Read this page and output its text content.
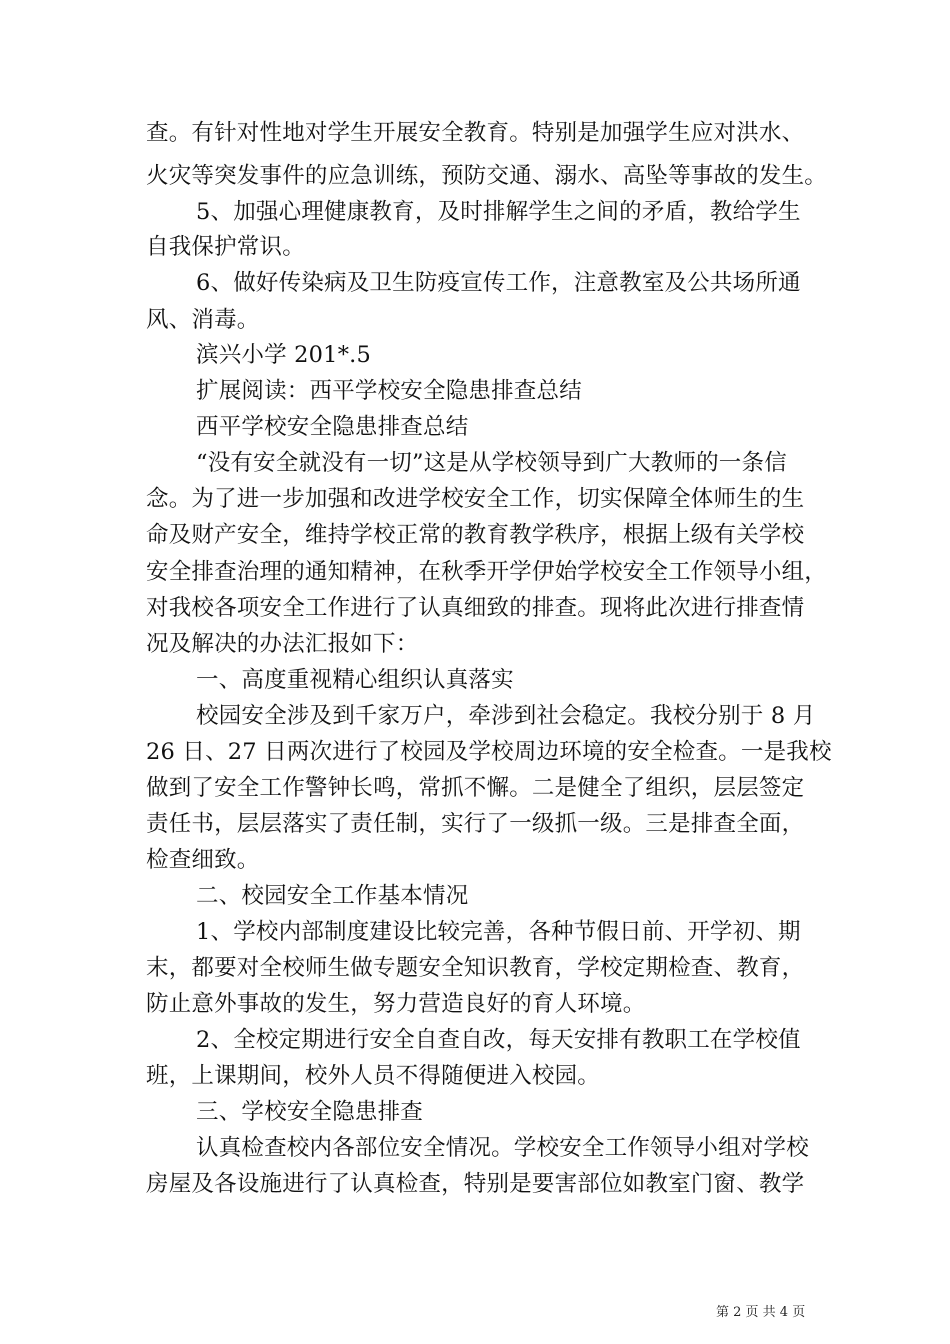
查。有针对性地对学生开展安全教育。特别是加强学生应对洪水、
火灾等突发事件的应急训练，预防交通、溺水、高坠等事故的发生。
5、加强心理健康教育，及时排解学生之间的矛盾，教给学生
自我保护常识。
6、做好传染病及卫生防疫宣传工作，注意教室及公共场所通
风、消毒。
滨兴小学 201*.5
扩展阅读：西平学校安全隐患排查总结
西平学校安全隐患排查总结
“没有安全就没有一切”这是从学校领导到广大教师的一条信
念。为了进一步加强和改进学校安全工作，切实保障全体师生的生
命及财产安全，维持学校正常的教育教学秩序，根据上级有关学校
安全排查治理的通知精神，在秋季开学伊始学校安全工作领导小组，
对我校各项安全工作进行了认真细致的排查。现将此次进行排查情
况及解决的办法汇报如下：
一、高度重视精心组织认真落实
校园安全涉及到千家万户，牵涉到社会稳定。我校分别于 8 月
26 日、27 日两次进行了校园及学校周边环境的安全检查。一是我校
做到了安全工作警钟长鸣，常抓不懈。二是健全了组织，层层签定
责任书，层层落实了责任制，实行了一级抓一级。三是排查全面，
检查细致。
二、校园安全工作基本情况
1、学校内部制度建设比较完善，各种节假日前、开学初、期
末，都要对全校师生做专题安全知识教育，学校定期检查、教育，
防止意外事故的发生，努力营造良好的育人环境。
2、全校定期进行安全自查自改，每天安排有教职工在学校值
班，上课期间，校外人员不得随便进入校园。
三、学校安全隐患排查
认真检查校内各部位安全情况。学校安全工作领导小组对学校
房屋及各设施进行了认真检查，特别是要害部位如教室门窗、教学
第 2 页 共 4 页
